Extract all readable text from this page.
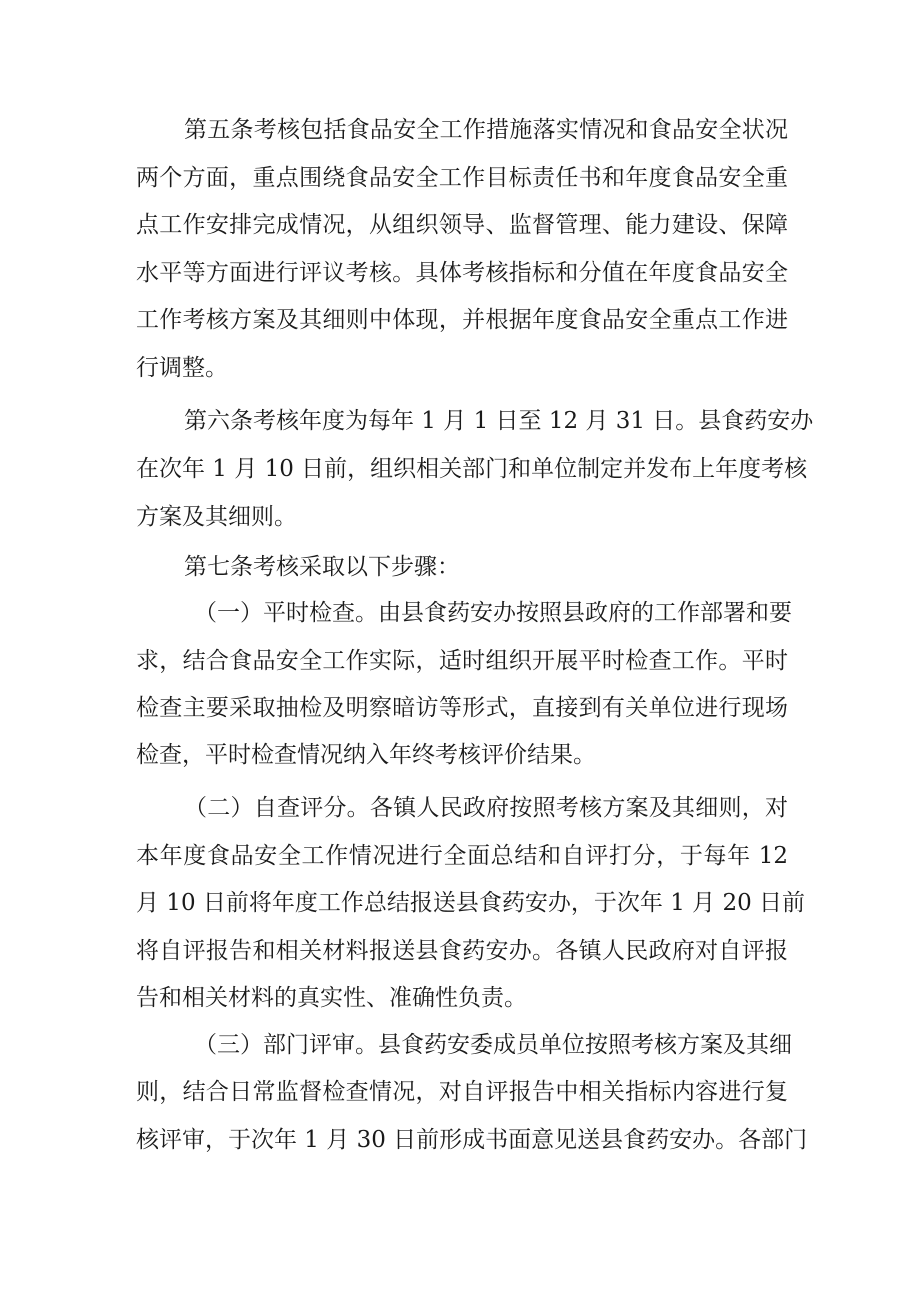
第五条考核包括食品安全工作措施落实情况和食品安全状况
两个方面，重点围绕食品安全工作目标责任书和年度食品安全重
点工作安排完成情况，从组织领导、监督管理、能力建设、保障
水平等方面进行评议考核。具体考核指标和分值在年度食品安全
工作考核方案及其细则中体现，并根据年度食品安全重点工作进
行调整。
第六条考核年度为每年 1 月 1 日至 12 月 31 日。县食药安办
在次年 1 月 10 日前，组织相关部门和单位制定并发布上年度考核
方案及其细则。
第七条考核采取以下步骤：
（一）平时检查。由县食药安办按照县政府的工作部署和要
求，结合食品安全工作实际，适时组织开展平时检查工作。平时
检查主要采取抽检及明察暗访等形式，直接到有关单位进行现场
检查，平时检查情况纳入年终考核评价结果。
（二）自查评分。各镇人民政府按照考核方案及其细则，对
本年度食品安全工作情况进行全面总结和自评打分，于每年 12
月 10 日前将年度工作总结报送县食药安办，于次年 1 月 20 日前
将自评报告和相关材料报送县食药安办。各镇人民政府对自评报
告和相关材料的真实性、准确性负责。
（三）部门评审。县食药安委成员单位按照考核方案及其细
则，结合日常监督检查情况，对自评报告中相关指标内容进行复
核评审，于次年 1 月 30 日前形成书面意见送县食药安办。各部门
